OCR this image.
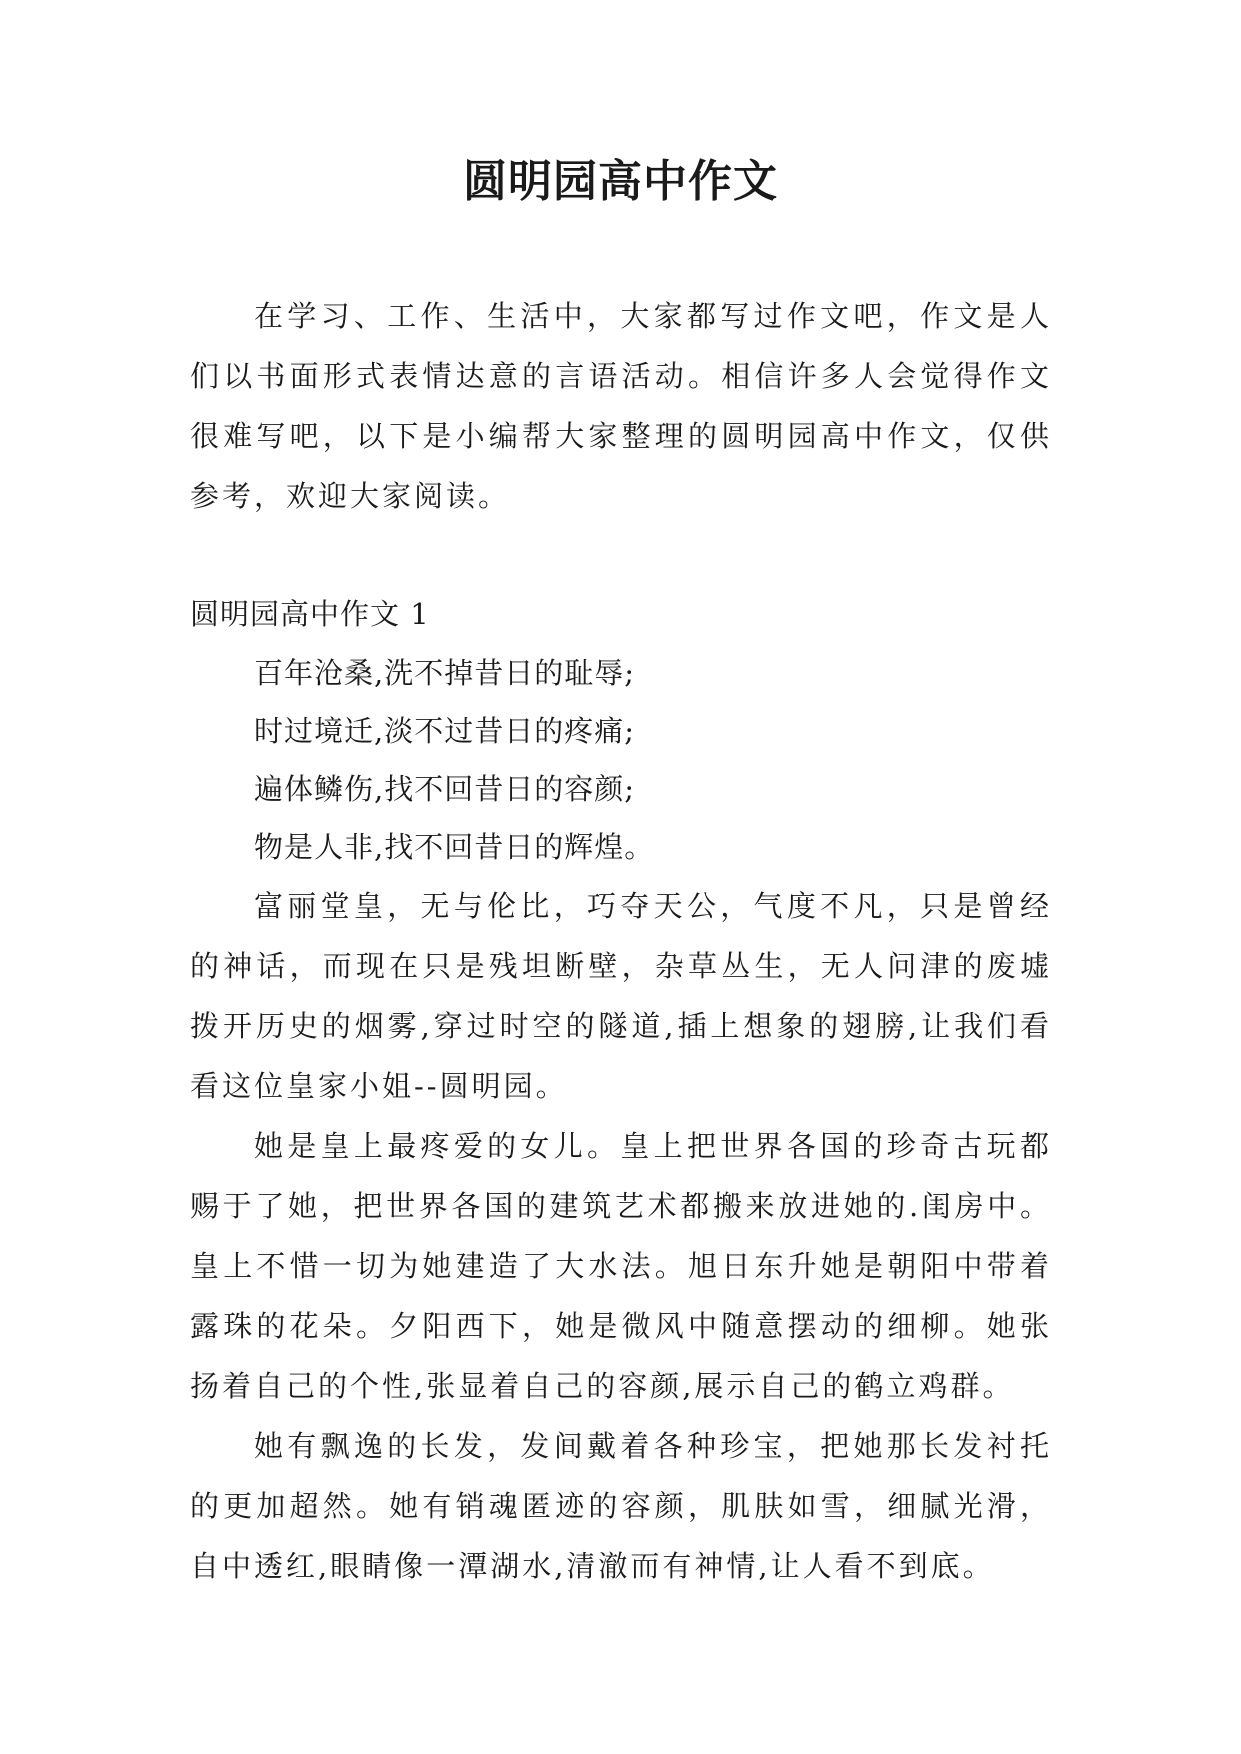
圆明园高中作文

在学习、工作、生活中，大家都写过作文吧，作文是人们以书面形式表情达意的言语活动。相信许多人会觉得作文很难写吧，以下是小编帮大家整理的圆明园高中作文，仅供参考，欢迎大家阅读。

圆明园高中作文 1

百年沧桑,洗不掉昔日的耻辱;

时过境迁,淡不过昔日的疼痛;

遍体鳞伤,找不回昔日的容颜;

物是人非,找不回昔日的辉煌。

富丽堂皇，无与伦比，巧夺天公，气度不凡，只是曾经的神话，而现在只是残坦断壁，杂草丛生，无人问津的废墟拨开历史的烟雾,穿过时空的隧道,插上想象的翅膀,让我们看看这位皇家小姐--圆明园。

她是皇上最疼爱的女儿。皇上把世界各国的珍奇古玩都赐于了她，把世界各国的建筑艺术都搬来放进她的.闺房中。皇上不惜一切为她建造了大水法。旭日东升她是朝阳中带着露珠的花朵。夕阳西下，她是微风中随意摆动的细柳。她张扬着自己的个性,张显着自己的容颜,展示自己的鹤立鸡群。

她有飘逸的长发，发间戴着各种珍宝，把她那长发衬托的更加超然。她有销魂匿迹的容颜，肌肤如雪，细腻光滑，自中透红,眼睛像一潭湖水,清澈而有神情,让人看不到底。
